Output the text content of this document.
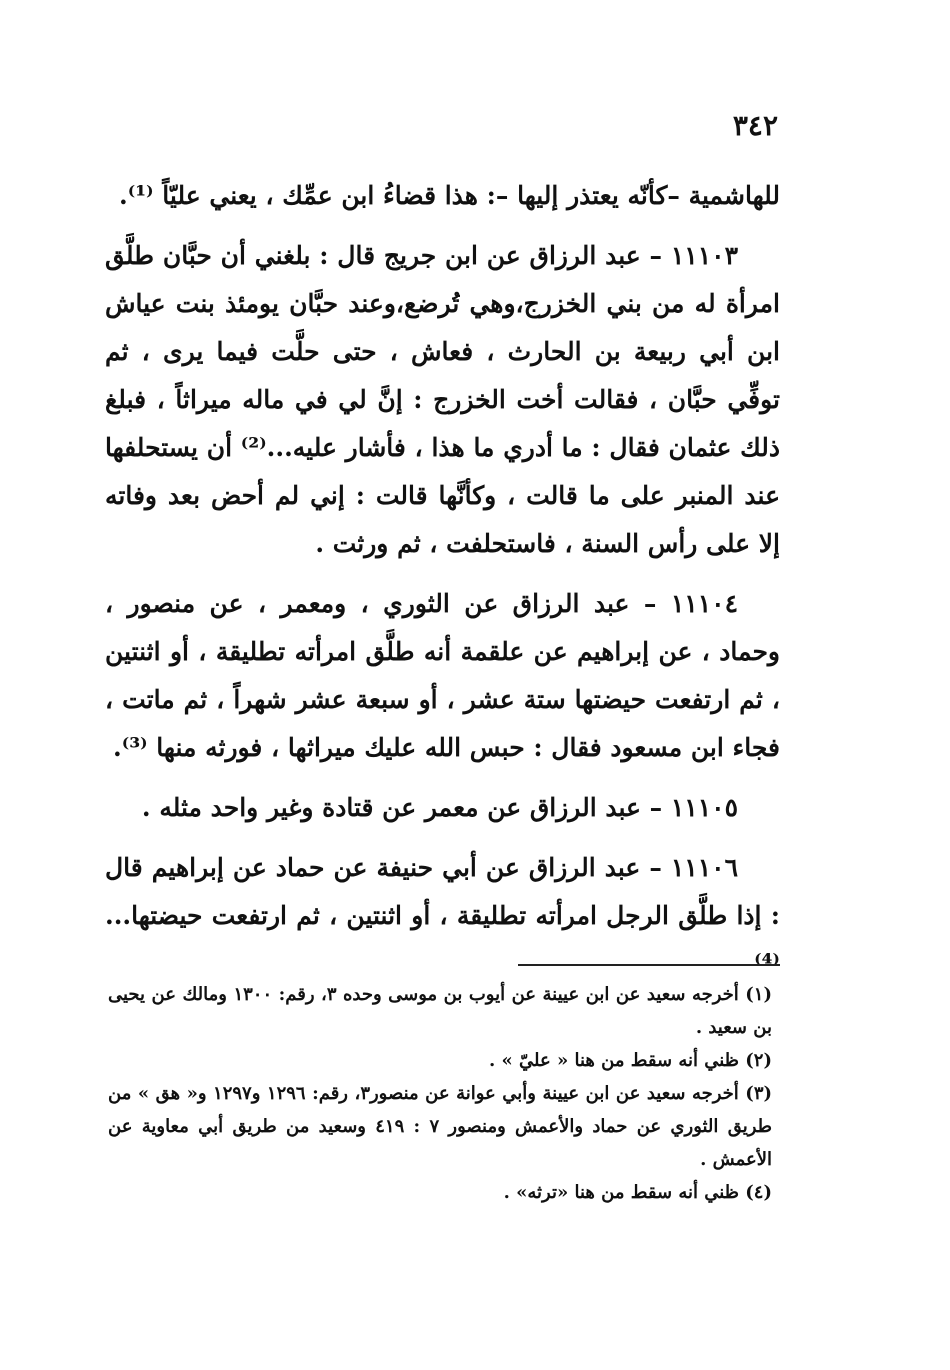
٣٤٢

للهاشمية –كأنّه يعتذر إليها –: هذا قضاءُ ابن عمِّك ، يعني عليّاً ⁽¹⁾.

١١١٠٣ – عبد الرزاق عن ابن جريج قال : بلغني أن حبَّان طلَّق امرأة له من بني الخزرج،وهي تُرضع،وعند حبَّان يومئذ بنت عياش ابن أبي ربيعة بن الحارث ، فعاش ، حتى حلَّت فيما يرى ، ثم توفِّي حبَّان ، فقالت أخت الخزرج : إنَّ لي في ماله ميراثاً ، فبلغ ذلك عثمان فقال : ما أدري ما هذا ، فأشار عليه...⁽²⁾ أن يستحلفها عند المنبر على ما قالت ، وكأنَّها قالت : إني لم أحض بعد وفاته إلا على رأس السنة ، فاستحلفت ، ثم ورثت .

١١١٠٤ – عبد الرزاق عن الثوري ، ومعمر ، عن منصور ، وحماد ، عن إبراهيم عن علقمة أنه طلَّق امرأته تطليقة ، أو اثنتين ، ثم ارتفعت حيضتها ستة عشر ، أو سبعة عشر شهراً ، ثم ماتت ، فجاء ابن مسعود فقال : حبس الله عليك ميراثها ، فورثه منها ⁽³⁾.

١١١٠٥ – عبد الرزاق عن معمر عن قتادة وغير واحد مثله .

١١١٠٦ – عبد الرزاق عن أبي حنيفة عن حماد عن إبراهيم قال : إذا طلَّق الرجل امرأته تطليقة ، أو اثنتين ، ثم ارتفعت حيضتها...⁽⁴⁾

(١) أخرجه سعيد عن ابن عيينة عن أيوب بن موسى وحده ٣، رقم: ١٣٠٠ ومالك عن يحيى بن سعيد .

(٢) ظني أنه سقط من هنا « عليّ » .

(٣) أخرجه سعيد عن ابن عيينة وأبي عوانة عن منصور٣، رقم: ١٢٩٦ و١٢٩٧ و« هق » من طريق الثوري عن حماد والأعمش ومنصور ٧ : ٤١٩ وسعيد من طريق أبي معاوية عن الأعمش .

(٤) ظني أنه سقط من هنا «ترثه» .
